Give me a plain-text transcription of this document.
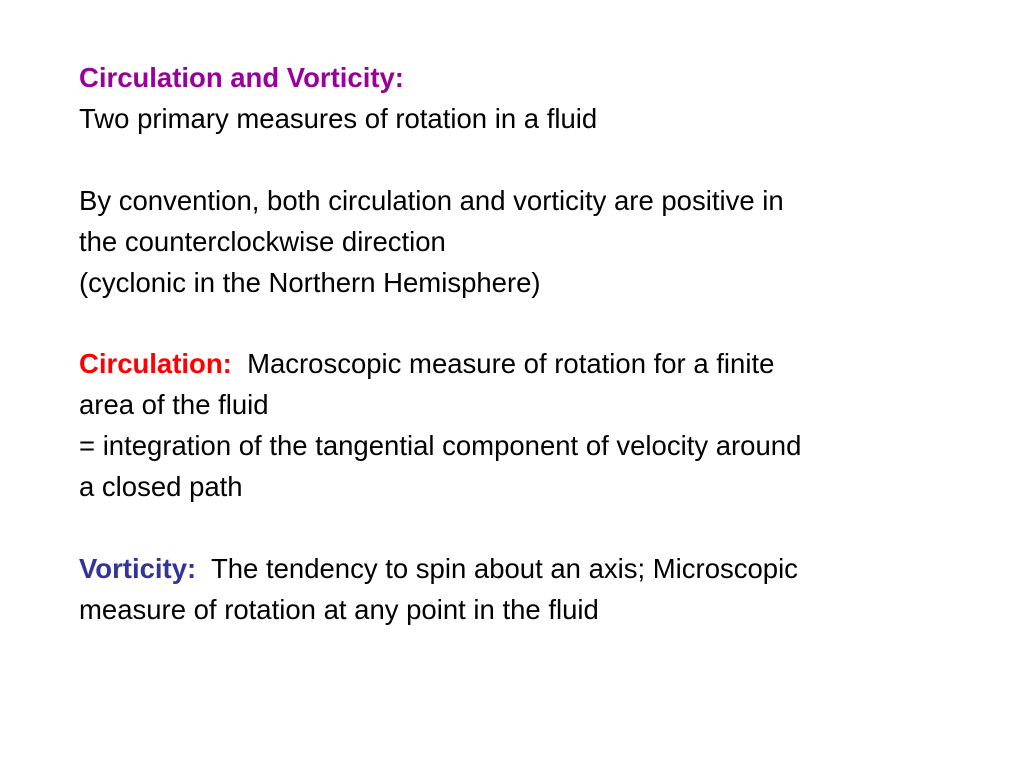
Circulation and Vorticity:

Two primary measures of rotation in a fluid

By convention, both circulation and vorticity are positive in

the counterclockwise direction

(cyclonic in the Northern Hemisphere)

Circulation: Macroscopic measure of rotation for a finite

area of the fluid

= integration of the tangential component of velocity around

a closed path

Vorticity: The tendency to spin about an axis; Microscopic

measure of rotation at any point in the fluid
